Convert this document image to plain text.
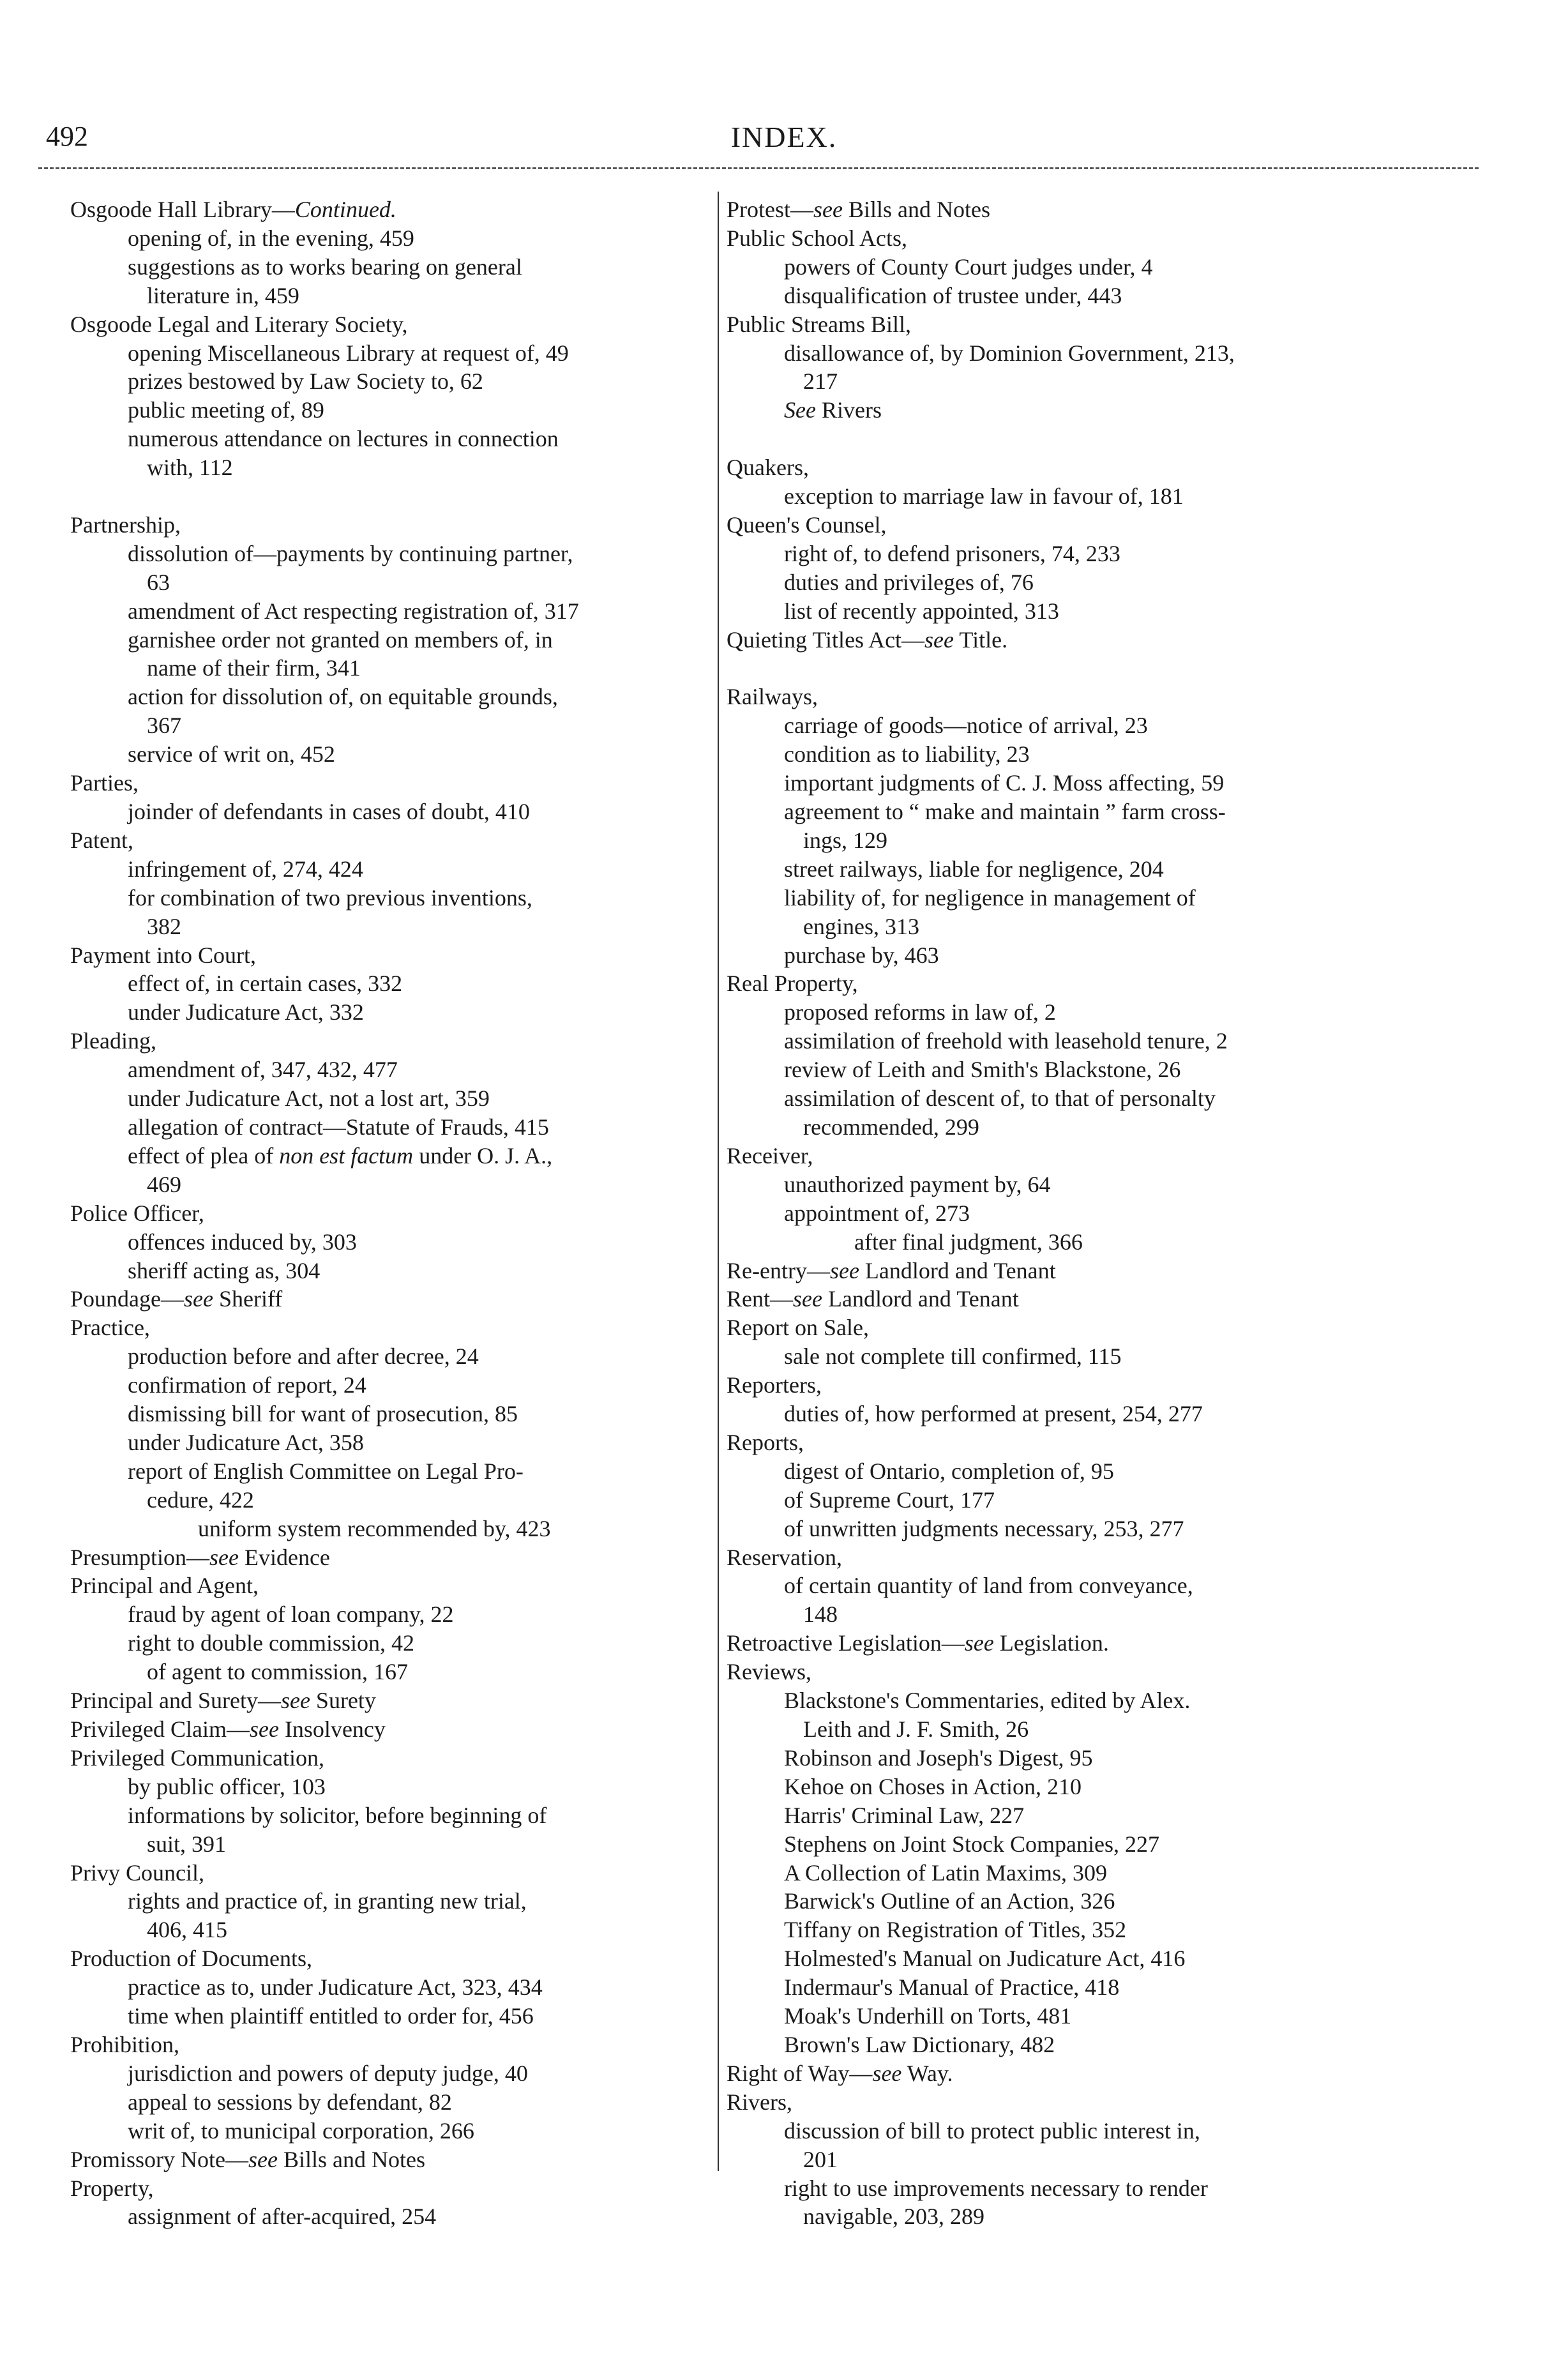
492	INDEX.
Osgoode Hall Library—Continued.
opening of, in the evening, 459
suggestions as to works bearing on general
literature in, 459
Osgoode Legal and Literary Society,
opening Miscellaneous Library at request of, 49
prizes bestowed by Law Society to, 62
public meeting of, 89
numerous attendance on lectures in connection
with, 112
Partnership,
dissolution of—payments by continuing partner,
63
amendment of Act respecting registration of, 317
garnishee order not granted on members of, in
name of their firm, 341
action for dissolution of, on equitable grounds,
367
service of writ on, 452
Parties,
joinder of defendants in cases of doubt, 410
Patent,
infringement of, 274, 424
for combination of two previous inventions,
382
Payment into Court,
effect of, in certain cases, 332
under Judicature Act, 332
Pleading,
amendment of, 347, 432, 477
under Judicature Act, not a lost art, 359
allegation of contract—Statute of Frauds, 415
effect of plea of non est factum under O. J. A.,
469
Police Officer,
offences induced by, 303
sheriff acting as, 304
Poundage—see Sheriff
Practice,
production before and after decree, 24
confirmation of report, 24
dismissing bill for want of prosecution, 85
under Judicature Act, 358
report of English Committee on Legal Pro-
cedure, 422
uniform system recommended by, 423
Presumption—see Evidence
Principal and Agent,
fraud by agent of loan company, 22
right to double commission, 42
of agent to commission, 167
Principal and Surety—see Surety
Privileged Claim—see Insolvency
Privileged Communication,
by public officer, 103
informations by solicitor, before beginning of
suit, 391
Privy Council,
rights and practice of, in granting new trial,
406, 415
Production of Documents,
practice as to, under Judicature Act, 323, 434
time when plaintiff entitled to order for, 456
Prohibition,
jurisdiction and powers of deputy judge, 40
appeal to sessions by defendant, 82
writ of, to municipal corporation, 266
Promissory Note—see Bills and Notes
Property,
assignment of after-acquired, 254
Protest—see Bills and Notes
Public School Acts,
powers of County Court judges under, 4
disqualification of trustee under, 443
Public Streams Bill,
disallowance of, by Dominion Government, 213,
217
See Rivers
Quakers,
exception to marriage law in favour of, 181
Queen's Counsel,
right of, to defend prisoners, 74, 233
duties and privileges of, 76
list of recently appointed, 313
Quieting Titles Act—see Title.
Railways,
carriage of goods—notice of arrival, 23
condition as to liability, 23
important judgments of C. J. Moss affecting, 59
agreement to “ make and maintain ” farm cross-
ings, 129
street railways, liable for negligence, 204
liability of, for negligence in management of
engines, 313
purchase by, 463
Real Property,
proposed reforms in law of, 2
assimilation of freehold with leasehold tenure, 2
review of Leith and Smith's Blackstone, 26
assimilation of descent of, to that of personalty
recommended, 299
Receiver,
unauthorized payment by, 64
appointment of, 273
after final judgment, 366
Re-entry—see Landlord and Tenant
Rent—see Landlord and Tenant
Report on Sale,
sale not complete till confirmed, 115
Reporters,
duties of, how performed at present, 254, 277
Reports,
digest of Ontario, completion of, 95
of Supreme Court, 177
of unwritten judgments necessary, 253, 277
Reservation,
of certain quantity of land from conveyance,
148
Retroactive Legislation—see Legislation.
Reviews,
Blackstone's Commentaries, edited by Alex.
Leith and J. F. Smith, 26
Robinson and Joseph's Digest, 95
Kehoe on Choses in Action, 210
Harris' Criminal Law, 227
Stephens on Joint Stock Companies, 227
A Collection of Latin Maxims, 309
Barwick's Outline of an Action, 326
Tiffany on Registration of Titles, 352
Holmested's Manual on Judicature Act, 416
Indermaur's Manual of Practice, 418
Moak's Underhill on Torts, 481
Brown's Law Dictionary, 482
Right of Way—see Way.
Rivers,
discussion of bill to protect public interest in,
201
right to use improvements necessary to render
navigable, 203, 289
